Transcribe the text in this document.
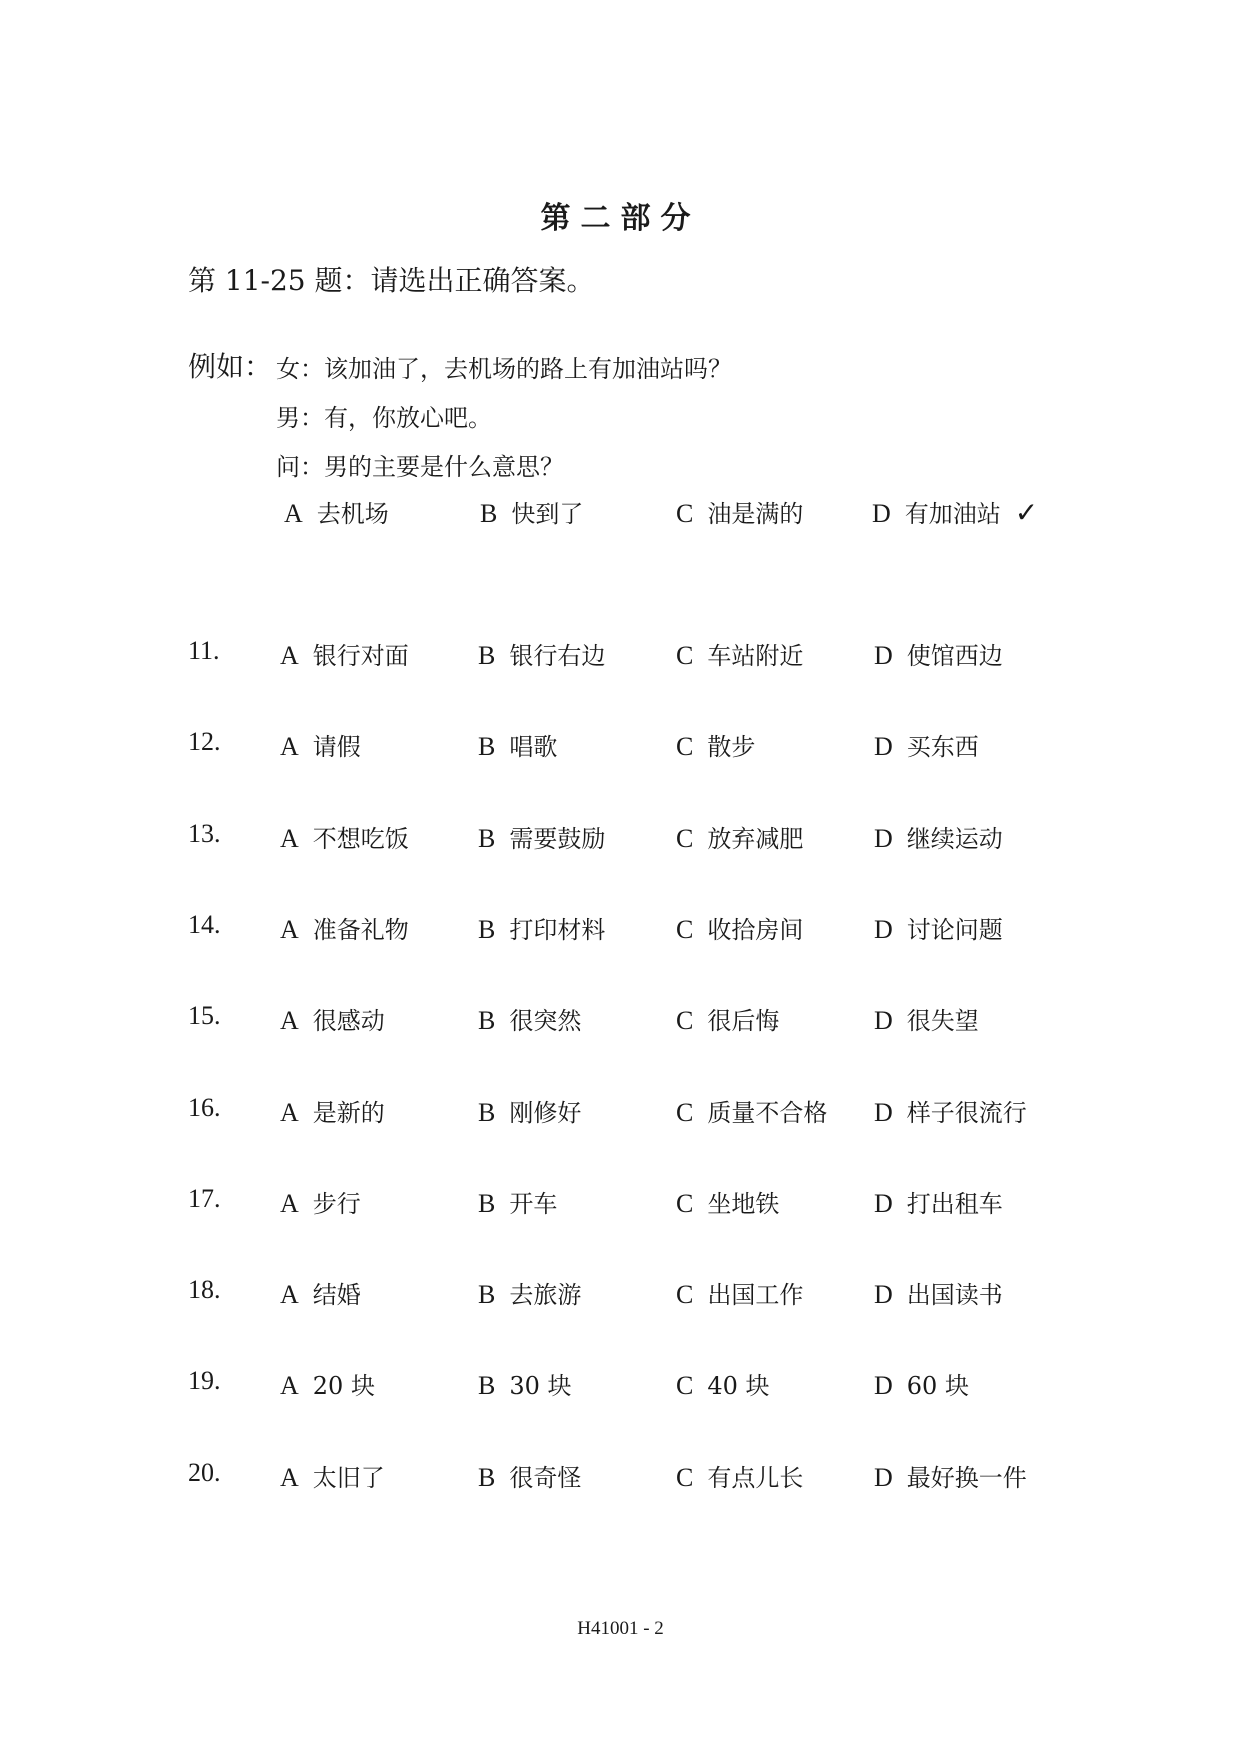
第二部分
第 11-25 题：请选出正确答案。
例如： 女：该加油了，去机场的路上有加油站吗？
男：有，你放心吧。
问：男的主要是什么意思？
A 去机场	B 快到了	C 油是满的	D 有加油站 ✓
11. A 银行对面	B 银行右边	C 车站附近	D 使馆西边
12. A 请假	B 唱歌	C 散步	D 买东西
13. A 不想吃饭	B 需要鼓励	C 放弃减肥	D 继续运动
14. A 准备礼物	B 打印材料	C 收拾房间	D 讨论问题
15. A 很感动	B 很突然	C 很后悔	D 很失望
16. A 是新的	B 刚修好	C 质量不合格 D 样子很流行
17. A 步行	B 开车	C 坐地铁	D 打出租车
18. A 结婚	B 去旅游	C 出国工作	D 出国读书
19. A 20 块	B 30 块	C 40 块	D 60 块
20. A 太旧了	B 很奇怪	C 有点儿长	D 最好换一件
H41001 - 2
